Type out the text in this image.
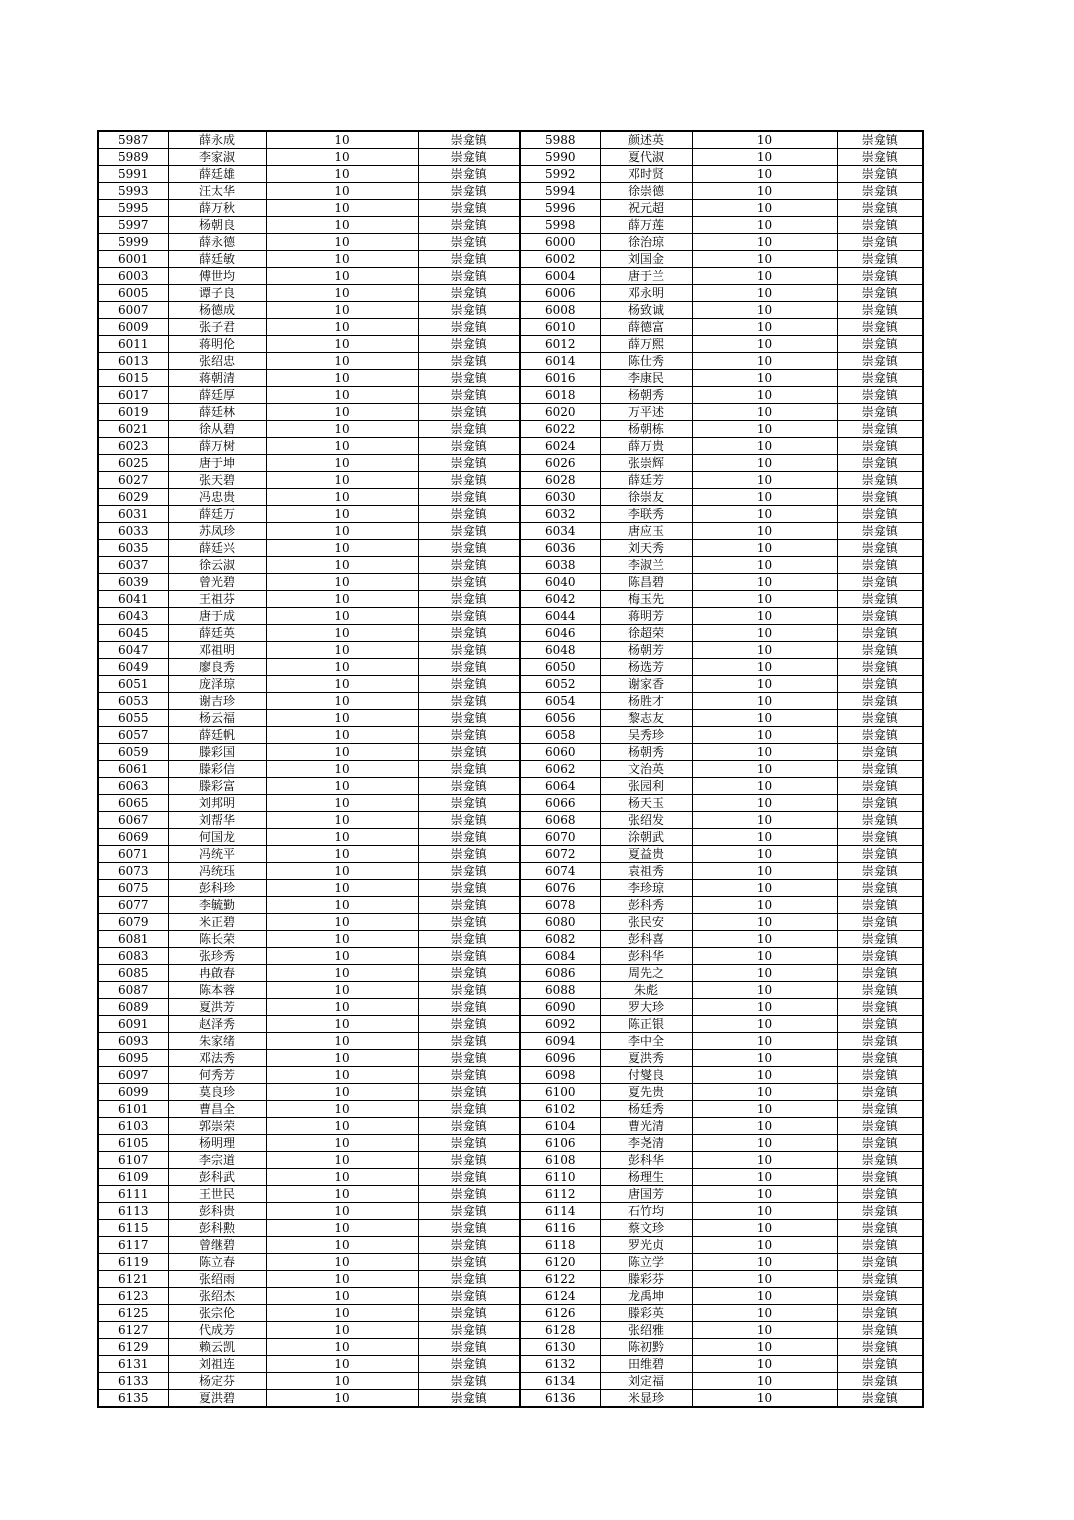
5987	薛永成	10	崇龛镇	5988	颜述英	10	崇龛镇
5989	李家淑	10	崇龛镇	5990	夏代淑	10	崇龛镇
5991	薛廷雄	10	崇龛镇	5992	邓时贤	10	崇龛镇
5993	汪太华	10	崇龛镇	5994	徐崇德	10	崇龛镇
5995	薛万秋	10	崇龛镇	5996	祝元超	10	崇龛镇
5997	杨朝良	10	崇龛镇	5998	薛万莲	10	崇龛镇
5999	薛永德	10	崇龛镇	6000	徐治琼	10	崇龛镇
6001	薛廷敏	10	崇龛镇	6002	刘国金	10	崇龛镇
6003	傅世均	10	崇龛镇	6004	唐于兰	10	崇龛镇
6005	谭子良	10	崇龛镇	6006	邓永明	10	崇龛镇
6007	杨德成	10	崇龛镇	6008	杨致诚	10	崇龛镇
6009	张子君	10	崇龛镇	6010	薛德富	10	崇龛镇
6011	蒋明伦	10	崇龛镇	6012	薛万熙	10	崇龛镇
6013	张绍忠	10	崇龛镇	6014	陈仕秀	10	崇龛镇
6015	蒋朝清	10	崇龛镇	6016	李康民	10	崇龛镇
6017	薛廷厚	10	崇龛镇	6018	杨朝秀	10	崇龛镇
6019	薛廷林	10	崇龛镇	6020	万平述	10	崇龛镇
6021	徐从碧	10	崇龛镇	6022	杨朝栋	10	崇龛镇
6023	薛万树	10	崇龛镇	6024	薛万贵	10	崇龛镇
6025	唐于坤	10	崇龛镇	6026	张崇辉	10	崇龛镇
6027	张天碧	10	崇龛镇	6028	薛廷芳	10	崇龛镇
6029	冯忠贵	10	崇龛镇	6030	徐崇友	10	崇龛镇
6031	薛廷万	10	崇龛镇	6032	李联秀	10	崇龛镇
6033	苏凤珍	10	崇龛镇	6034	唐应玉	10	崇龛镇
6035	薛廷兴	10	崇龛镇	6036	刘天秀	10	崇龛镇
6037	徐云淑	10	崇龛镇	6038	李淑兰	10	崇龛镇
6039	曾光碧	10	崇龛镇	6040	陈昌碧	10	崇龛镇
6041	王祖芬	10	崇龛镇	6042	梅玉先	10	崇龛镇
6043	唐于成	10	崇龛镇	6044	蒋明芳	10	崇龛镇
6045	薛廷英	10	崇龛镇	6046	徐超荣	10	崇龛镇
6047	邓祖明	10	崇龛镇	6048	杨朝芳	10	崇龛镇
6049	廖良秀	10	崇龛镇	6050	杨选芳	10	崇龛镇
6051	庞泽琼	10	崇龛镇	6052	谢家香	10	崇龛镇
6053	谢吉珍	10	崇龛镇	6054	杨胜才	10	崇龛镇
6055	杨云福	10	崇龛镇	6056	黎志友	10	崇龛镇
6057	薛廷帆	10	崇龛镇	6058	吴秀珍	10	崇龛镇
6059	滕彩国	10	崇龛镇	6060	杨朝秀	10	崇龛镇
6061	滕彩信	10	崇龛镇	6062	文治英	10	崇龛镇
6063	滕彩富	10	崇龛镇	6064	张园利	10	崇龛镇
6065	刘邦明	10	崇龛镇	6066	杨天玉	10	崇龛镇
6067	刘帮华	10	崇龛镇	6068	张绍发	10	崇龛镇
6069	何国龙	10	崇龛镇	6070	涂朝武	10	崇龛镇
6071	冯统平	10	崇龛镇	6072	夏益贵	10	崇龛镇
6073	冯统珏	10	崇龛镇	6074	袁祖秀	10	崇龛镇
6075	彭科珍	10	崇龛镇	6076	李珍琼	10	崇龛镇
6077	李毓勤	10	崇龛镇	6078	彭科秀	10	崇龛镇
6079	米正碧	10	崇龛镇	6080	张民安	10	崇龛镇
6081	陈长荣	10	崇龛镇	6082	彭科喜	10	崇龛镇
6083	张珍秀	10	崇龛镇	6084	彭科华	10	崇龛镇
6085	冉啟春	10	崇龛镇	6086	周先之	10	崇龛镇
6087	陈本蓉	10	崇龛镇	6088	朱彪	10	崇龛镇
6089	夏洪芳	10	崇龛镇	6090	罗大珍	10	崇龛镇
6091	赵泽秀	10	崇龛镇	6092	陈正银	10	崇龛镇
6093	朱家绪	10	崇龛镇	6094	李中全	10	崇龛镇
6095	邓法秀	10	崇龛镇	6096	夏洪秀	10	崇龛镇
6097	何秀芳	10	崇龛镇	6098	付燮良	10	崇龛镇
6099	莫良珍	10	崇龛镇	6100	夏先贵	10	崇龛镇
6101	曹昌全	10	崇龛镇	6102	杨廷秀	10	崇龛镇
6103	郭崇荣	10	崇龛镇	6104	曹光清	10	崇龛镇
6105	杨明理	10	崇龛镇	6106	李尧清	10	崇龛镇
6107	李宗道	10	崇龛镇	6108	彭科华	10	崇龛镇
6109	彭科武	10	崇龛镇	6110	杨理生	10	崇龛镇
6111	王世民	10	崇龛镇	6112	唐国芳	10	崇龛镇
6113	彭科贵	10	崇龛镇	6114	石竹均	10	崇龛镇
6115	彭科勲	10	崇龛镇	6116	蔡文珍	10	崇龛镇
6117	曾继碧	10	崇龛镇	6118	罗光贞	10	崇龛镇
6119	陈立春	10	崇龛镇	6120	陈立学	10	崇龛镇
6121	张绍雨	10	崇龛镇	6122	滕彩芬	10	崇龛镇
6123	张绍杰	10	崇龛镇	6124	龙禹坤	10	崇龛镇
6125	张宗伦	10	崇龛镇	6126	滕彩英	10	崇龛镇
6127	代成芳	10	崇龛镇	6128	张绍雅	10	崇龛镇
6129	赖云凯	10	崇龛镇	6130	陈初黔	10	崇龛镇
6131	刘祖连	10	崇龛镇	6132	田维碧	10	崇龛镇
6133	杨定芬	10	崇龛镇	6134	刘定福	10	崇龛镇
6135	夏洪碧	10	崇龛镇	6136	米显珍	10	崇龛镇
